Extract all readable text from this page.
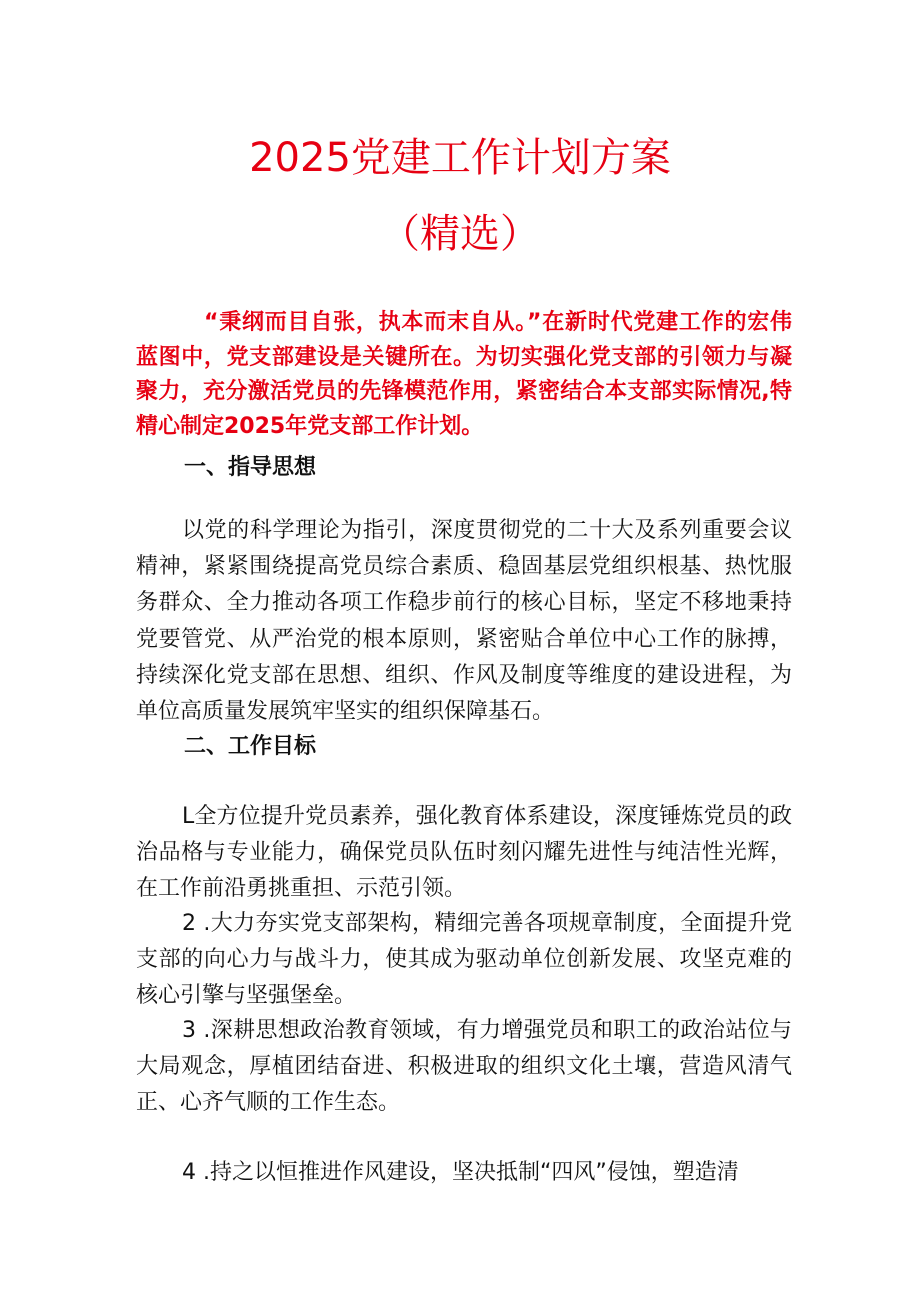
2025党建工作计划方案
（精选）

“秉纲而目自张，执本而末自从。”在新时代党建工作的宏伟蓝图中，党支部建设是关键所在。为切实强化党支部的引领力与凝聚力，充分激活党员的先锋模范作用，紧密结合本支部实际情况,特精心制定2025年党支部工作计划。

一、指导思想

以党的科学理论为指引，深度贯彻党的二十大及系列重要会议精神，紧紧围绕提高党员综合素质、稳固基层党组织根基、热忱服务群众、全力推动各项工作稳步前行的核心目标，坚定不移地秉持党要管党、从严治党的根本原则，紧密贴合单位中心工作的脉搏，持续深化党支部在思想、组织、作风及制度等维度的建设进程，为单位高质量发展筑牢坚实的组织保障基石。

二、工作目标

L全方位提升党员素养，强化教育体系建设，深度锤炼党员的政治品格与专业能力，确保党员队伍时刻闪耀先进性与纯洁性光辉，在工作前沿勇挑重担、示范引领。

2 .大力夯实党支部架构，精细完善各项规章制度，全面提升党支部的向心力与战斗力，使其成为驱动单位创新发展、攻坚克难的核心引擎与坚强堡垒。

3 .深耕思想政治教育领域，有力增强党员和职工的政治站位与大局观念，厚植团结奋进、积极进取的组织文化土壤，营造风清气正、心齐气顺的工作生态。

4 .持之以恒推进作风建设，坚决抵制“四风”侵蚀，塑造清
